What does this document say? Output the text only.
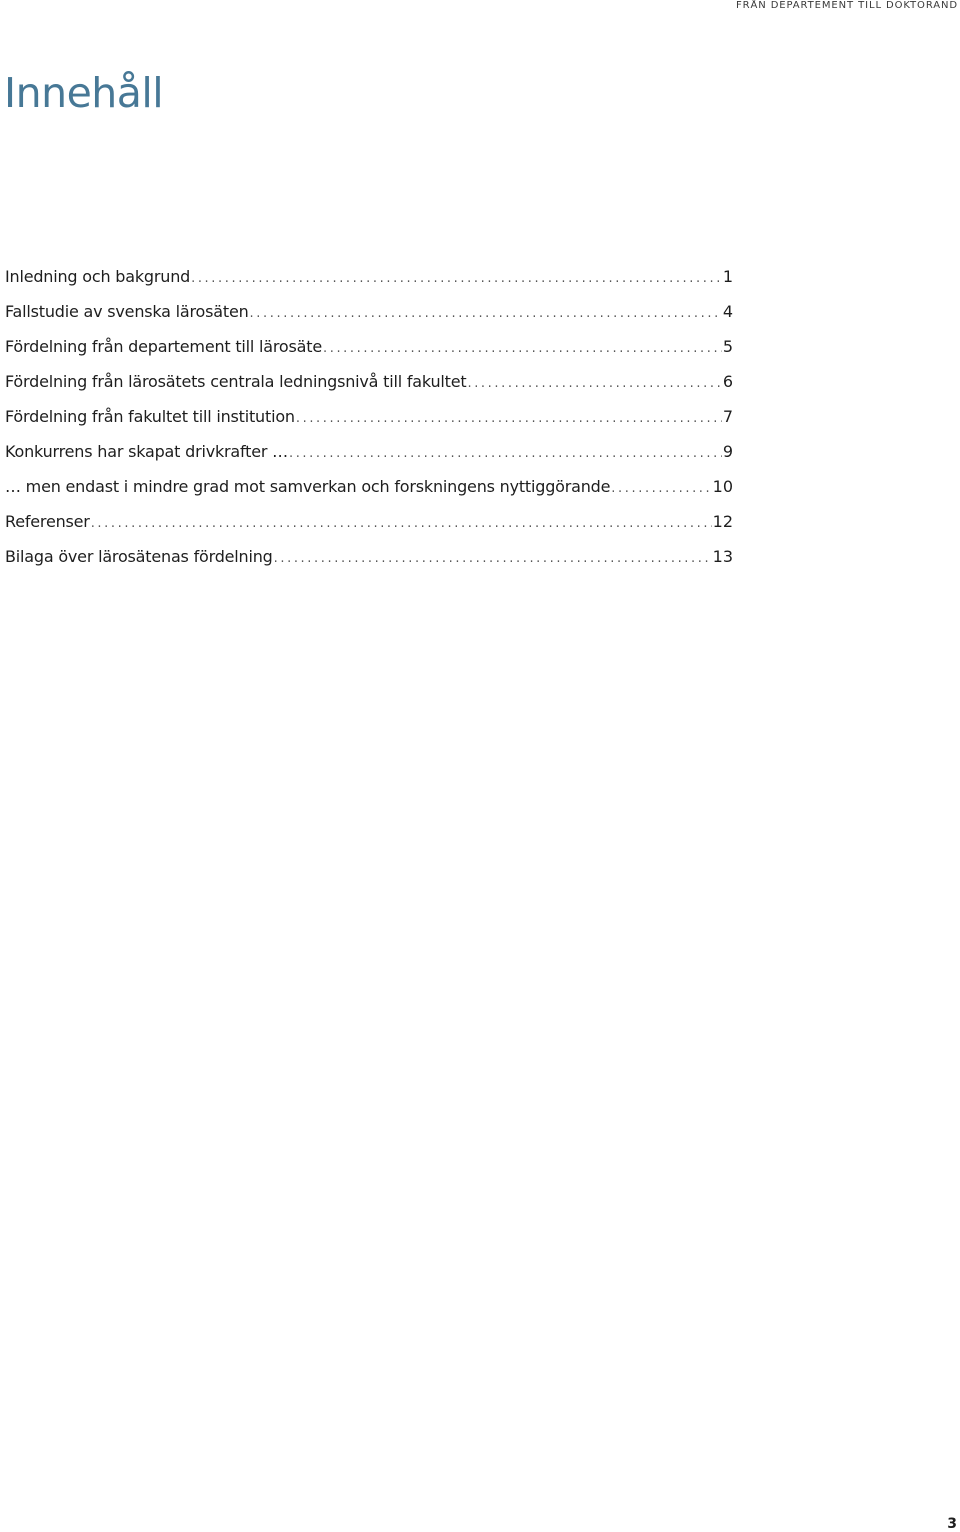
FRÅN DEPARTEMENT TILL DOKTORAND
Innehåll
Inledning och bakgrund .....	1
Fallstudie av svenska lärosäten .....	4
Fördelning från departement till lärosäte .....	5
Fördelning från lärosätets centrala ledningsnivå till fakultet .....	6
Fördelning från fakultet till institution .....	7
Konkurrens har skapat drivkrafter … .....	9
… men endast i mindre grad mot samverkan och forskningens nyttiggörande .....	10
Referenser .....	12
Bilaga över lärosätenas fördelning .....	13
3
